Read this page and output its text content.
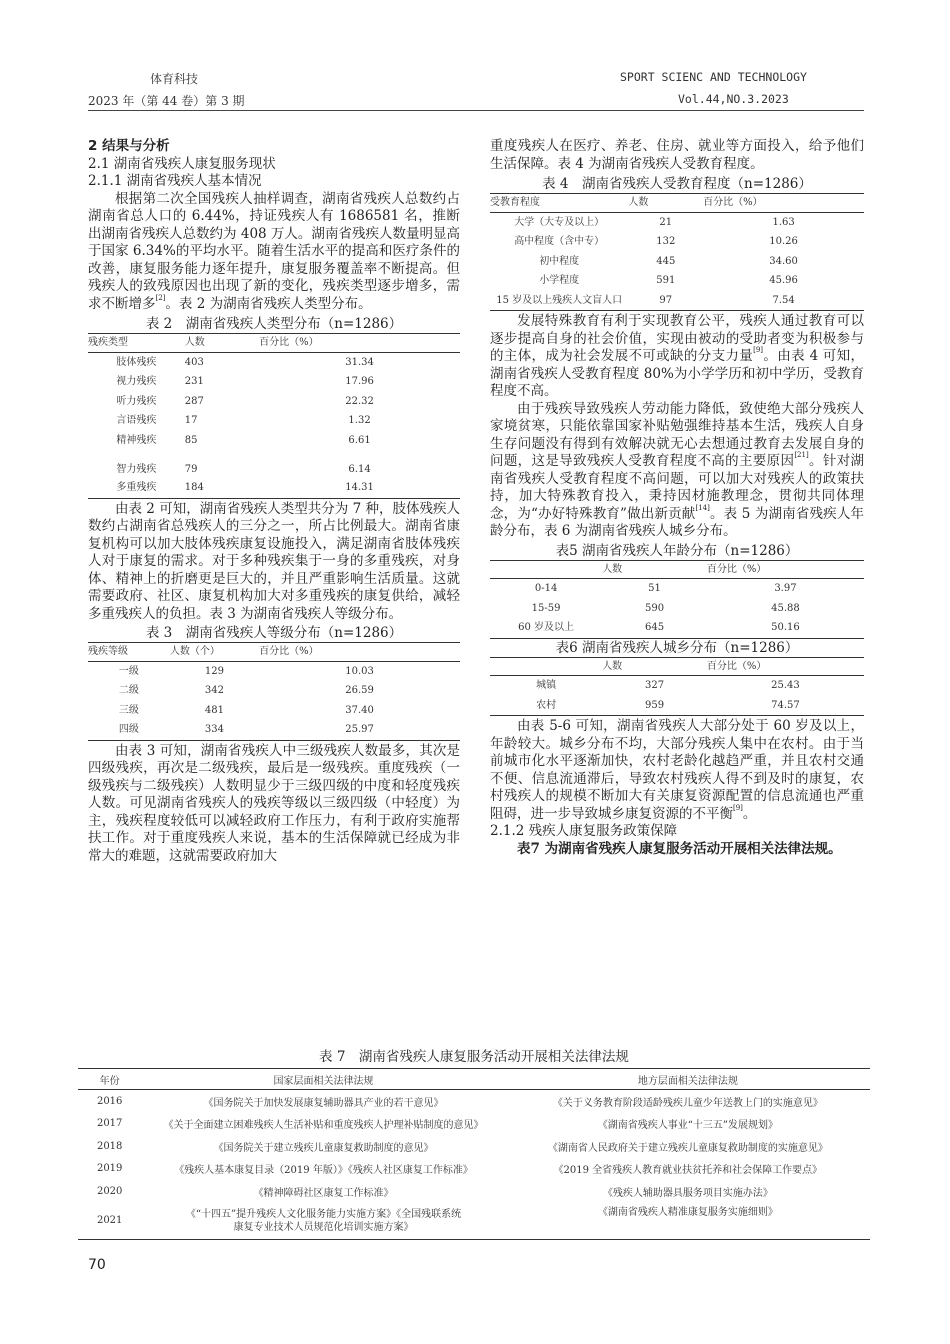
体育科技
2023 年（第 44 卷）第 3 期
SPORT SCIENC AND TECHNOLOGY
Vol.44,NO.3.2023

2 结果与分析

2.1 湖南省残疾人康复服务现状

2.1.1 湖南省残疾人基本情况

根据第二次全国残疾人抽样调查，湖南省残疾人总数约占湖南省总人口的 6.44%，持证残疾人有 1686581 名，推断出湖南省残疾人总数约为 408 万人。湖南省残疾人数量明显高于国家 6.34%的平均水平。随着生活水平的提高和医疗条件的改善，康复服务能力逐年提升，康复服务覆盖率不断提高。但残疾人的致残原因也出现了新的变化，残疾类型逐步增多，需求不断增多[2]。表 2 为湖南省残疾人类型分布。

表 2　湖南省残疾人类型分布（n=1286）
残疾类型	人数	百分比（%）
肢体残疾	403	31.34
视力残疾	231	17.96
听力残疾	287	22.32
言语残疾	17	1.32
精神残疾	85	6.61
智力残疾	79	6.14
多重残疾	184	14.31

由表 2 可知，湖南省残疾人类型共分为 7 种，肢体残疾人数约占湖南省总残疾人的三分之一，所占比例最大。湖南省康复机构可以加大肢体残疾康复设施投入，满足湖南省肢体残疾人对于康复的需求。对于多种残疾集于一身的多重残疾，对身体、精神上的折磨更是巨大的，并且严重影响生活质量。这就需要政府、社区、康复机构加大对多重残疾的康复供给，减轻多重残疾人的负担。表 3 为湖南省残疾人等级分布。

表 3　湖南省残疾人等级分布（n=1286）
残疾等级	人数（个）	百分比（%）
一级	129	10.03
二级	342	26.59
三级	481	37.40
四级	334	25.97

由表 3 可知，湖南省残疾人中三级残疾人数最多，其次是四级残疾，再次是二级残疾，最后是一级残疾。重度残疾（一级残疾与二级残疾）人数明显少于三级四级的中度和轻度残疾人数。可见湖南省残疾人的残疾等级以三级四级（中轻度）为主，残疾程度较低可以减轻政府工作压力，有利于政府实施帮扶工作。对于重度残疾人来说，基本的生活保障就已经成为非常大的难题，这就需要政府加大

重度残疾人在医疗、养老、住房、就业等方面投入，给予他们生活保障。表 4 为湖南省残疾人受教育程度。

表 4　湖南省残疾人受教育程度（n=1286）
受教育程度	人数	百分比（%）
大学（大专及以上）	21	1.63
高中程度（含中专）	132	10.26
初中程度	445	34.60
小学程度	591	45.96
15 岁及以上残疾人文盲人口	97	7.54

发展特殊教育有利于实现教育公平，残疾人通过教育可以逐步提高自身的社会价值，实现由被动的受助者变为积极参与的主体，成为社会发展不可或缺的分支力量[9]。由表 4 可知，湖南省残疾人受教育程度 80%为小学学历和初中学历，受教育程度不高。

由于残疾导致残疾人劳动能力降低，致使绝大部分残疾人家境贫寒，只能依靠国家补贴勉强维持基本生活，残疾人自身生存问题没有得到有效解决就无心去想通过教育去发展自身的问题，这是导致残疾人受教育程度不高的主要原因[21]。针对湖南省残疾人受教育程度不高问题，可以加大对残疾人的政策扶持，加大特殊教育投入，秉持因材施教理念，贯彻共同体理念，为“办好特殊教育”做出新贡献[14]。表 5 为湖南省残疾人年龄分布，表 6 为湖南省残疾人城乡分布。

表5 湖南省残疾人年龄分布（n=1286）
	人数	百分比（%）
0-14	51	3.97
15-59	590	45.88
60 岁及以上	645	50.16
表6 湖南省残疾人城乡分布（n=1286）
	人数	百分比（%）
城镇	327	25.43
农村	959	74.57

由表 5-6 可知，湖南省残疾人大部分处于 60 岁及以上，年龄较大。城乡分布不均，大部分残疾人集中在农村。由于当前城市化水平逐渐加快，农村老龄化越趋严重，并且农村交通不便、信息流通滞后，导致农村残疾人得不到及时的康复，农村残疾人的规模不断加大有关康复资源配置的信息流通也严重阻碍，进一步导致城乡康复资源的不平衡[9]。

2.1.2 残疾人康复服务政策保障

表7 为湖南省残疾人康复服务活动开展相关法律法规。

表 7　湖南省残疾人康复服务活动开展相关法律法规
年份	国家层面相关法律法规	地方层面相关法律法规
2016	《国务院关于加快发展康复辅助器具产业的若干意见》	《关于义务教育阶段适龄残疾儿童少年送教上门的实施意见》
2017	《关于全面建立困难残疾人生活补贴和重度残疾人护理补贴制度的意见》	《湖南省残疾人事业“十三五”发展规划》
2018	《国务院关于建立残疾儿童康复救助制度的意见》	《湖南省人民政府关于建立残疾儿童康复救助制度的实施意见》
2019	《残疾人基本康复目录（2019 年版）》《残疾人社区康复工作标准》	《2019 全省残疾人教育就业扶贫托养和社会保障工作要点》
2020	《精神障碍社区康复工作标准》	《残疾人辅助器具服务项目实施办法》
2021	《“十四五”提升残疾人文化服务能力实施方案》《全国残联系统康复专业技术人员规范化培训实施方案》	《湖南省残疾人精准康复服务实施细则》
70
